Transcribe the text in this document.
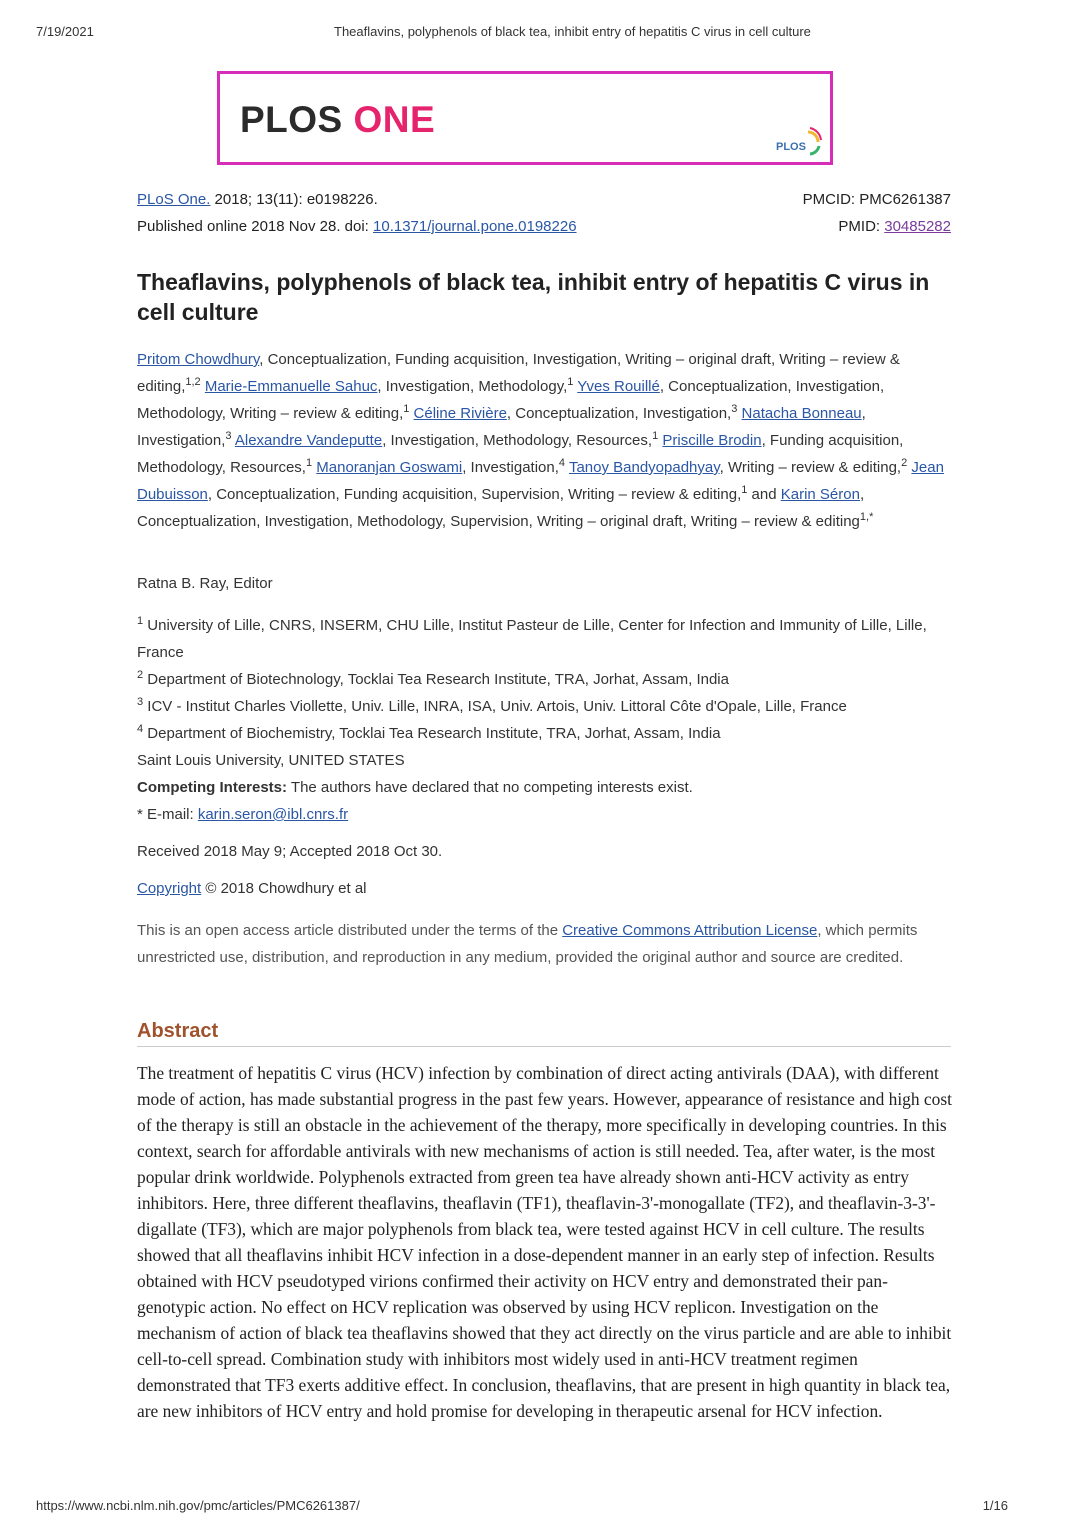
7/19/2021	Theaflavins, polyphenols of black tea, inhibit entry of hepatitis C virus in cell culture
PLOS ONE
PLOS
PLoS One. 2018; 13(11): e0198226.
Published online 2018 Nov 28. doi: 10.1371/journal.pone.0198226
PMCID: PMC6261387
PMID: 30485282
Theaflavins, polyphenols of black tea, inhibit entry of hepatitis C virus in cell culture
Pritom Chowdhury, Conceptualization, Funding acquisition, Investigation, Writing – original draft, Writing – review & editing,$^{1,2}$ Marie-Emmanuelle Sahuc, Investigation, Methodology,$^1$ Yves Rouillé, Conceptualization, Investigation, Methodology, Writing – review & editing,$^1$ Céline Rivière, Conceptualization, Investigation,$^3$ Natacha Bonneau, Investigation,$^3$ Alexandre Vandeputte, Investigation, Methodology, Resources,$^1$ Priscille Brodin, Funding acquisition, Methodology, Resources,$^1$ Manoranjan Goswami, Investigation,$^4$ Tanoy Bandyopadhyay, Writing – review & editing,$^2$ Jean Dubuisson, Conceptualization, Funding acquisition, Supervision, Writing – review & editing,$^1$ and Karin Séron, Conceptualization, Investigation, Methodology, Supervision, Writing – original draft, Writing – review & editing$^{1,*}$
Ratna B. Ray, Editor
$^1$ University of Lille, CNRS, INSERM, CHU Lille, Institut Pasteur de Lille, Center for Infection and Immunity of Lille, Lille, France
$^2$ Department of Biotechnology, Tocklai Tea Research Institute, TRA, Jorhat, Assam, India
$^3$ ICV - Institut Charles Viollette, Univ. Lille, INRA, ISA, Univ. Artois, Univ. Littoral Côte d'Opale, Lille, France
$^4$ Department of Biochemistry, Tocklai Tea Research Institute, TRA, Jorhat, Assam, India
Saint Louis University, UNITED STATES
Competing Interests: The authors have declared that no competing interests exist.
* E-mail: karin.seron@ibl.cnrs.fr
Received 2018 May 9; Accepted 2018 Oct 30.
Copyright © 2018 Chowdhury et al
This is an open access article distributed under the terms of the Creative Commons Attribution License, which permits unrestricted use, distribution, and reproduction in any medium, provided the original author and source are credited.
Abstract
The treatment of hepatitis C virus (HCV) infection by combination of direct acting antivirals (DAA), with different mode of action, has made substantial progress in the past few years. However, appearance of resistance and high cost of the therapy is still an obstacle in the achievement of the therapy, more specifically in developing countries. In this context, search for affordable antivirals with new mechanisms of action is still needed. Tea, after water, is the most popular drink worldwide. Polyphenols extracted from green tea have already shown anti-HCV activity as entry inhibitors. Here, three different theaflavins, theaflavin (TF1), theaflavin-3'-monogallate (TF2), and theaflavin-3-3'-digallate (TF3), which are major polyphenols from black tea, were tested against HCV in cell culture. The results showed that all theaflavins inhibit HCV infection in a dose-dependent manner in an early step of infection. Results obtained with HCV pseudotyped virions confirmed their activity on HCV entry and demonstrated their pan-genotypic action. No effect on HCV replication was observed by using HCV replicon. Investigation on the mechanism of action of black tea theaflavins showed that they act directly on the virus particle and are able to inhibit cell-to-cell spread. Combination study with inhibitors most widely used in anti-HCV treatment regimen demonstrated that TF3 exerts additive effect. In conclusion, theaflavins, that are present in high quantity in black tea, are new inhibitors of HCV entry and hold promise for developing in therapeutic arsenal for HCV infection.
https://www.ncbi.nlm.nih.gov/pmc/articles/PMC6261387/	1/16
